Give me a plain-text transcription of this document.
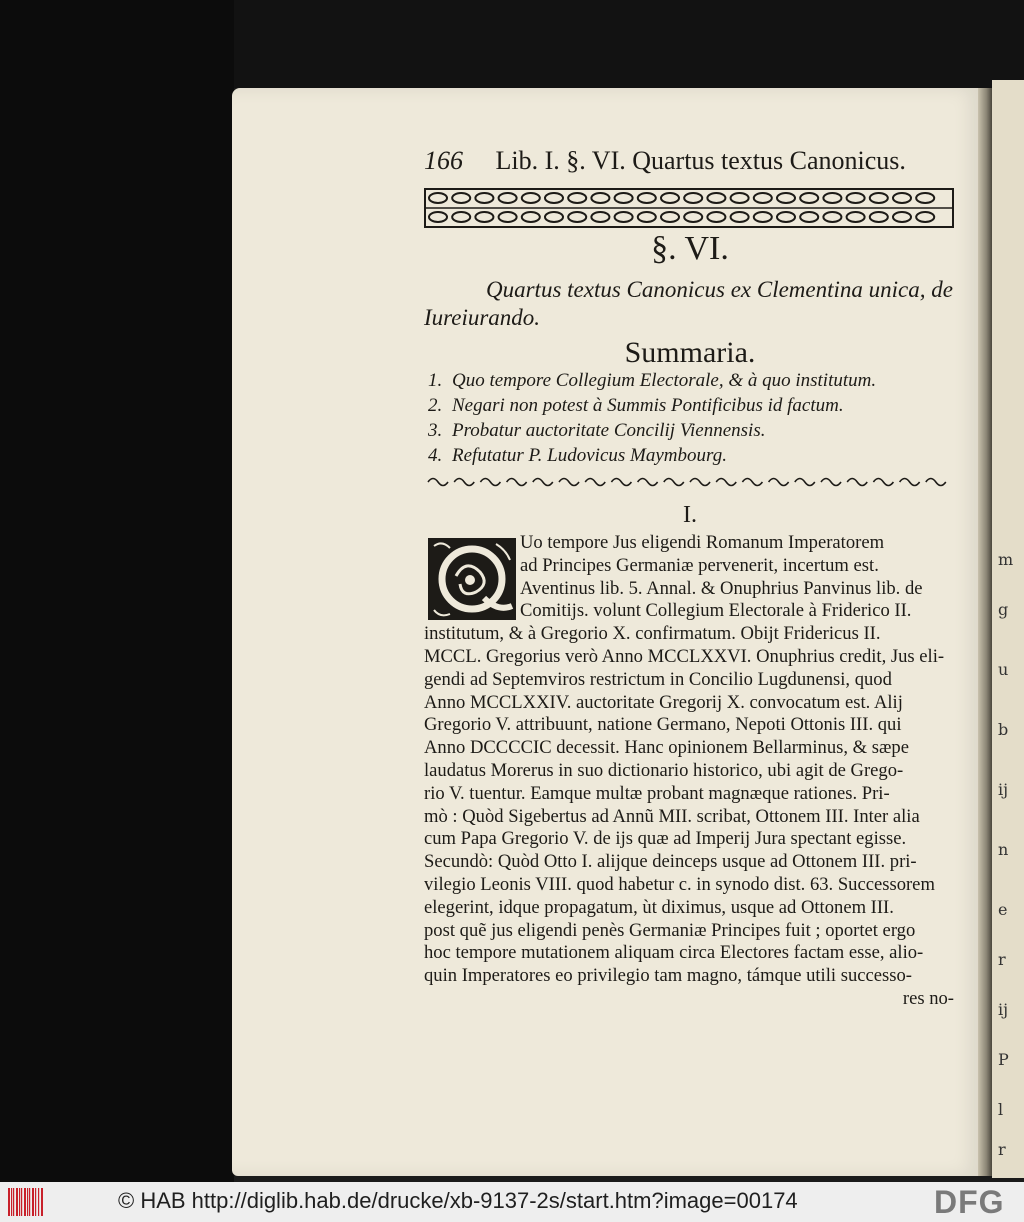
m
g
u
b
ij
n
e
r
ij
P
l
r
166 Lib. I. §. VI. Quartus textus Canonicus.
§. VI.
Quartus textus Canonicus ex Clementina unica, de Iureiurando.
Summaria.
1. Quo tempore Collegium Electorale, & à quo institutum.
2. Negari non potest à Summis Pontificibus id factum.
3. Probatur auctoritate Concilij Viennensis.
4. Refutatur P. Ludovicus Maymbourg.
I.
Uo tempore Jus eligendi Romanum Imperatorem
ad Principes Germaniæ pervenerit, incertum est.
Aventinus lib. 5. Annal. & Onuphrius Panvinus lib. de
Comitijs. volunt Collegium Electorale à Friderico II.
institutum, & à Gregorio X. confirmatum. Obijt Fridericus II.
MCCL. Gregorius verò Anno MCCLXXVI. Onuphrius credit, Jus eli-
gendi ad Septemviros restrictum in Concilio Lugdunensi, quod
Anno MCCLXXIV. auctoritate Gregorij X. convocatum est. Alij
Gregorio V. attribuunt, natione Germano, Nepoti Ottonis III. qui
Anno DCCCCIC decessit. Hanc opinionem Bellarminus, & sæpe
laudatus Morerus in suo dictionario historico, ubi agit de Grego-
rio V. tuentur. Eamque multæ probant magnæque rationes. Pri-
mò : Quòd Sigebertus ad Annũ MII. scribat, Ottonem III. Inter alia
cum Papa Gregorio V. de ijs quæ ad Imperij Jura spectant egisse.
Secundò: Quòd Otto I. alijque deinceps usque ad Ottonem III. pri-
vilegio Leonis VIII. quod habetur c. in synodo dist. 63. Successorem
elegerint, idque propagatum, ùt diximus, usque ad Ottonem III.
post quẽ jus eligendi penès Germaniæ Principes fuit ; oportet ergo
hoc tempore mutationem aliquam circa Electores factam esse, alio-
quin Imperatores eo privilegio tam magno, támque utili successo-
res no-
© HAB http://diglib.hab.de/drucke/xb-9137-2s/start.htm?image=00174	DFG
